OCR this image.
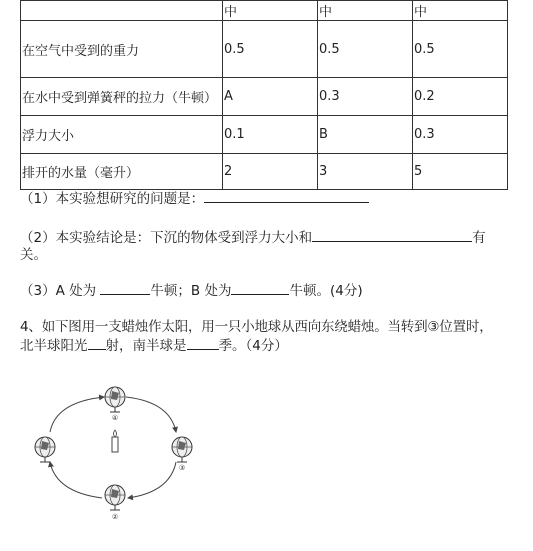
	中	中	中
在空气中受到的重力	0.5	0.5	0.5
在水中受到弹簧秤的拉力（牛顿）	A	0.3	0.2
浮力大小	0.1	B	0.3
排开的水量（毫升）	2	3	5
（1）本实验想研究的问题是：
（2）本实验结论是：下沉的物体受到浮力大小和	有
关。
（3）A 处为	牛顿；B 处为	牛顿。(4分)
4、如下图用一支蜡烛作太阳，用一只小地球从西向东绕蜡烛。当转到③位置时，
北半球阳光 射，南半球是 季。（4分）
④
③
②
